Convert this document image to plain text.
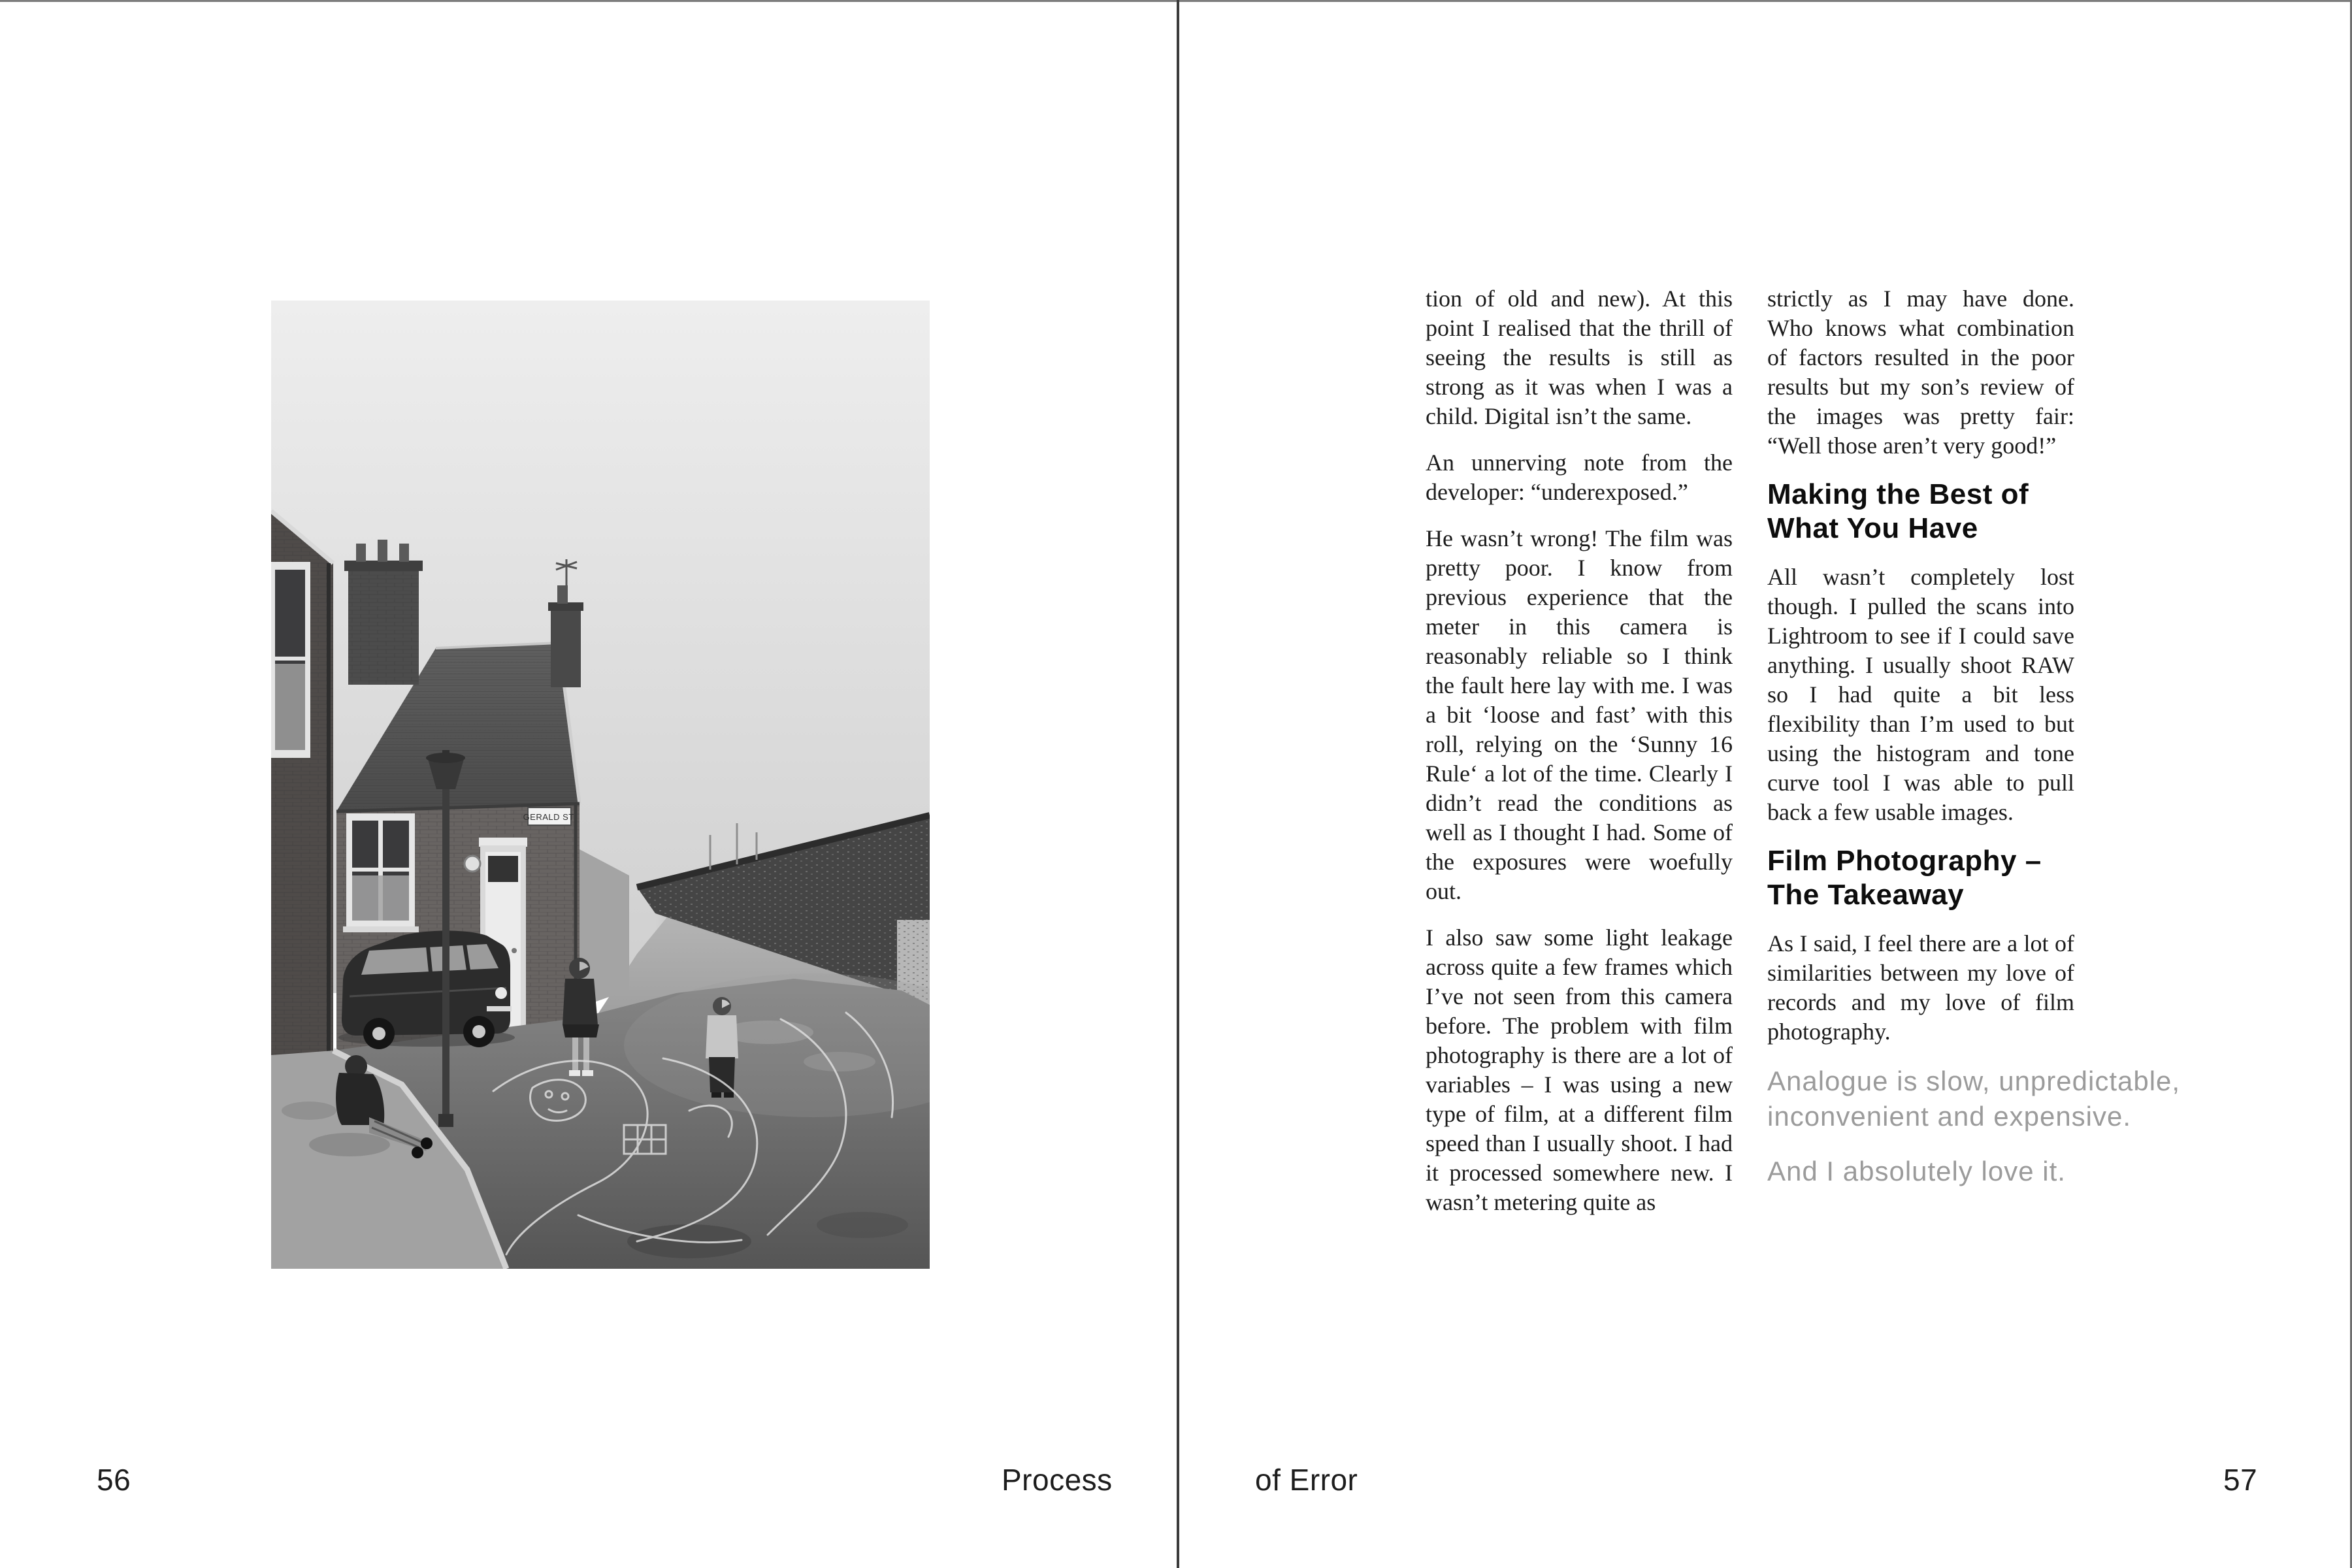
GERALD ST.

tion of old and new). At this point I realised that the thrill of seeing the results is still as strong as it was when I was a child. Digital isn’t the same.

An unnerving note from the developer: “underexposed.”

He wasn’t wrong! The film was pretty poor. I know from previous experience that the meter in this camera is reasonably reliable so I think the fault here lay with me. I was a bit ‘loose and fast’ with this roll, relying on the ‘Sunny 16 Rule‘ a lot of the time. Clearly I didn’t read the conditions as well as I thought I had. Some of the exposures were woefully out.

I also saw some light leakage across quite a few frames which I’ve not seen from this camera before. The problem with film photography is there are a lot of variables – I was using a new type of film, at a different film speed than I usually shoot. I had it processed somewhere new. I wasn’t metering quite as

strictly as I may have done. Who knows what combination of factors resulted in the poor results but my son’s review of the images was pretty fair: “Well those aren’t very good!”

Making the Best of What You Have

All wasn’t completely lost though. I pulled the scans into Lightroom to see if I could save anything. I usually shoot RAW so I had quite a bit less flexibility than I’m used to but using the histogram and tone curve tool I was able to pull back a few usable images.

Film Photography – The Takeaway

As I said, I feel there are a lot of similarities between my love of records and my love of film photography.

Analogue is slow, unpredictable, inconvenient and expensive.

And I absolutely love it.

56	Process	of Error	57
